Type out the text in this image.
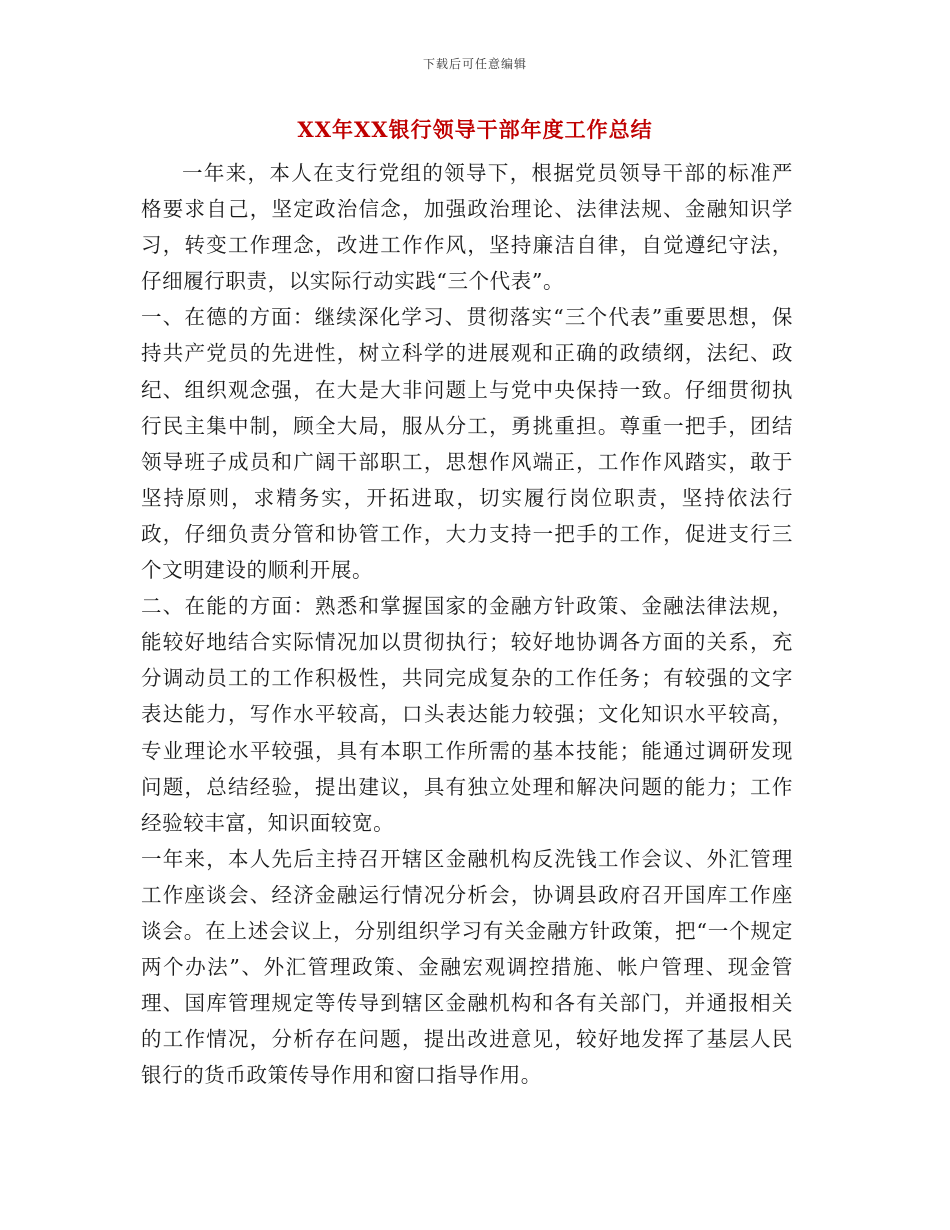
下载后可任意编辑
XX年XX银行领导干部年度工作总结

一年来，本人在支行党组的领导下，根据党员领导干部的标准严格要求自己，坚定政治信念，加强政治理论、法律法规、金融知识学习，转变工作理念，改进工作作风，坚持廉洁自律，自觉遵纪守法，仔细履行职责，以实际行动实践“三个代表”。

一、在德的方面：继续深化学习、贯彻落实“三个代表”重要思想，保持共产党员的先进性，树立科学的进展观和正确的政绩纲，法纪、政纪、组织观念强，在大是大非问题上与党中央保持一致。仔细贯彻执行民主集中制，顾全大局，服从分工，勇挑重担。尊重一把手，团结领导班子成员和广阔干部职工，思想作风端正，工作作风踏实，敢于坚持原则，求精务实，开拓进取，切实履行岗位职责，坚持依法行政，仔细负责分管和协管工作，大力支持一把手的工作，促进支行三个文明建设的顺利开展。

二、在能的方面：熟悉和掌握国家的金融方针政策、金融法律法规，能较好地结合实际情况加以贯彻执行；较好地协调各方面的关系，充分调动员工的工作积极性，共同完成复杂的工作任务；有较强的文字表达能力，写作水平较高，口头表达能力较强；文化知识水平较高，专业理论水平较强，具有本职工作所需的基本技能；能通过调研发现问题，总结经验，提出建议，具有独立处理和解决问题的能力；工作经验较丰富，知识面较宽。

一年来，本人先后主持召开辖区金融机构反洗钱工作会议、外汇管理工作座谈会、经济金融运行情况分析会，协调县政府召开国库工作座谈会。在上述会议上，分别组织学习有关金融方针政策，把“一个规定两个办法”、外汇管理政策、金融宏观调控措施、帐户管理、现金管理、国库管理规定等传导到辖区金融机构和各有关部门，并通报相关的工作情况，分析存在问题，提出改进意见，较好地发挥了基层人民银行的货币政策传导作用和窗口指导作用。
